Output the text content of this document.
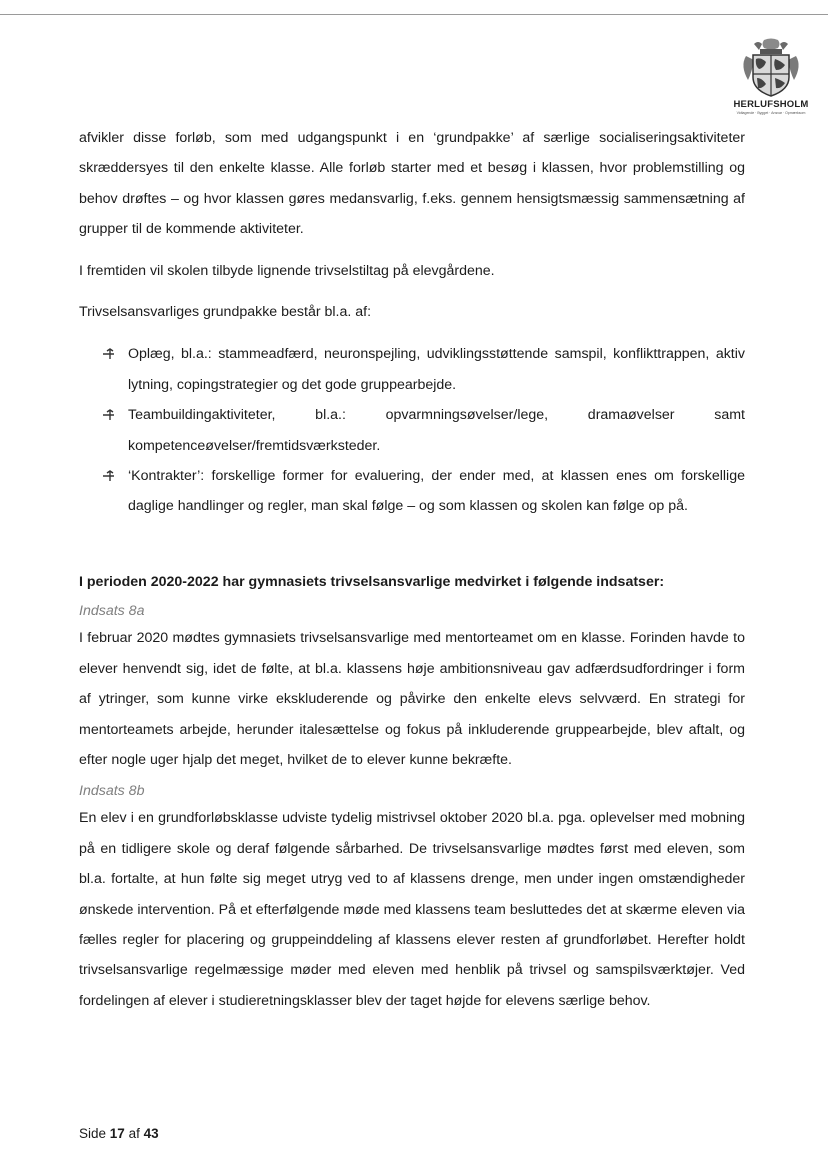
HERLUFSHOLM
Vidtagende · Bygget · Ansvar · Opmærksom

afvikler disse forløb, som med udgangspunkt i en ‘grundpakke’ af særlige socialiseringsaktiviteter skræddersyes til den enkelte klasse. Alle forløb starter med et besøg i klassen, hvor problemstilling og behov drøftes – og hvor klassen gøres medansvarlig, f.eks. gennem hensigtsmæssig sammensætning af grupper til de kommende aktiviteter.

I fremtiden vil skolen tilbyde lignende trivselstiltag på elevgårdene.

Trivselsansvarliges grundpakke består bl.a. af:

Oplæg, bl.a.: stammeadfærd, neuronspejling, udviklingsstøttende samspil, konflikttrappen, aktiv lytning, copingstrategier og det gode gruppearbejde.
Teambuildingaktiviteter, bl.a.: opvarmningsøvelser/lege, dramaøvelser samt kompetenceøvelser/fremtidsværksteder.
‘Kontrakter’: forskellige former for evaluering, der ender med, at klassen enes om forskellige daglige handlinger og regler, man skal følge – og som klassen og skolen kan følge op på.

I perioden 2020-2022 har gymnasiets trivselsansvarlige medvirket i følgende indsatser:

Indsats 8a

I februar 2020 mødtes gymnasiets trivselsansvarlige med mentorteamet om en klasse. Forinden havde to elever henvendt sig, idet de følte, at bl.a. klassens høje ambitionsniveau gav adfærdsudfordringer i form af ytringer, som kunne virke ekskluderende og påvirke den enkelte elevs selvværd. En strategi for mentorteamets arbejde, herunder italesættelse og fokus på inkluderende gruppearbejde, blev aftalt, og efter nogle uger hjalp det meget, hvilket de to elever kunne bekræfte.

Indsats 8b

En elev i en grundforløbsklasse udviste tydelig mistrivsel oktober 2020 bl.a. pga. oplevelser med mobning på en tidligere skole og deraf følgende sårbarhed. De trivselsansvarlige mødtes først med eleven, som bl.a. fortalte, at hun følte sig meget utryg ved to af klassens drenge, men under ingen omstændigheder ønskede intervention. På et efterfølgende møde med klassens team besluttedes det at skærme eleven via fælles regler for placering og gruppeinddeling af klassens elever resten af grundforløbet. Herefter holdt trivselsansvarlige regelmæssige møder med eleven med henblik på trivsel og samspilsværktøjer. Ved fordelingen af elever i studieretningsklasser blev der taget højde for elevens særlige behov.

Side 17 af 43
